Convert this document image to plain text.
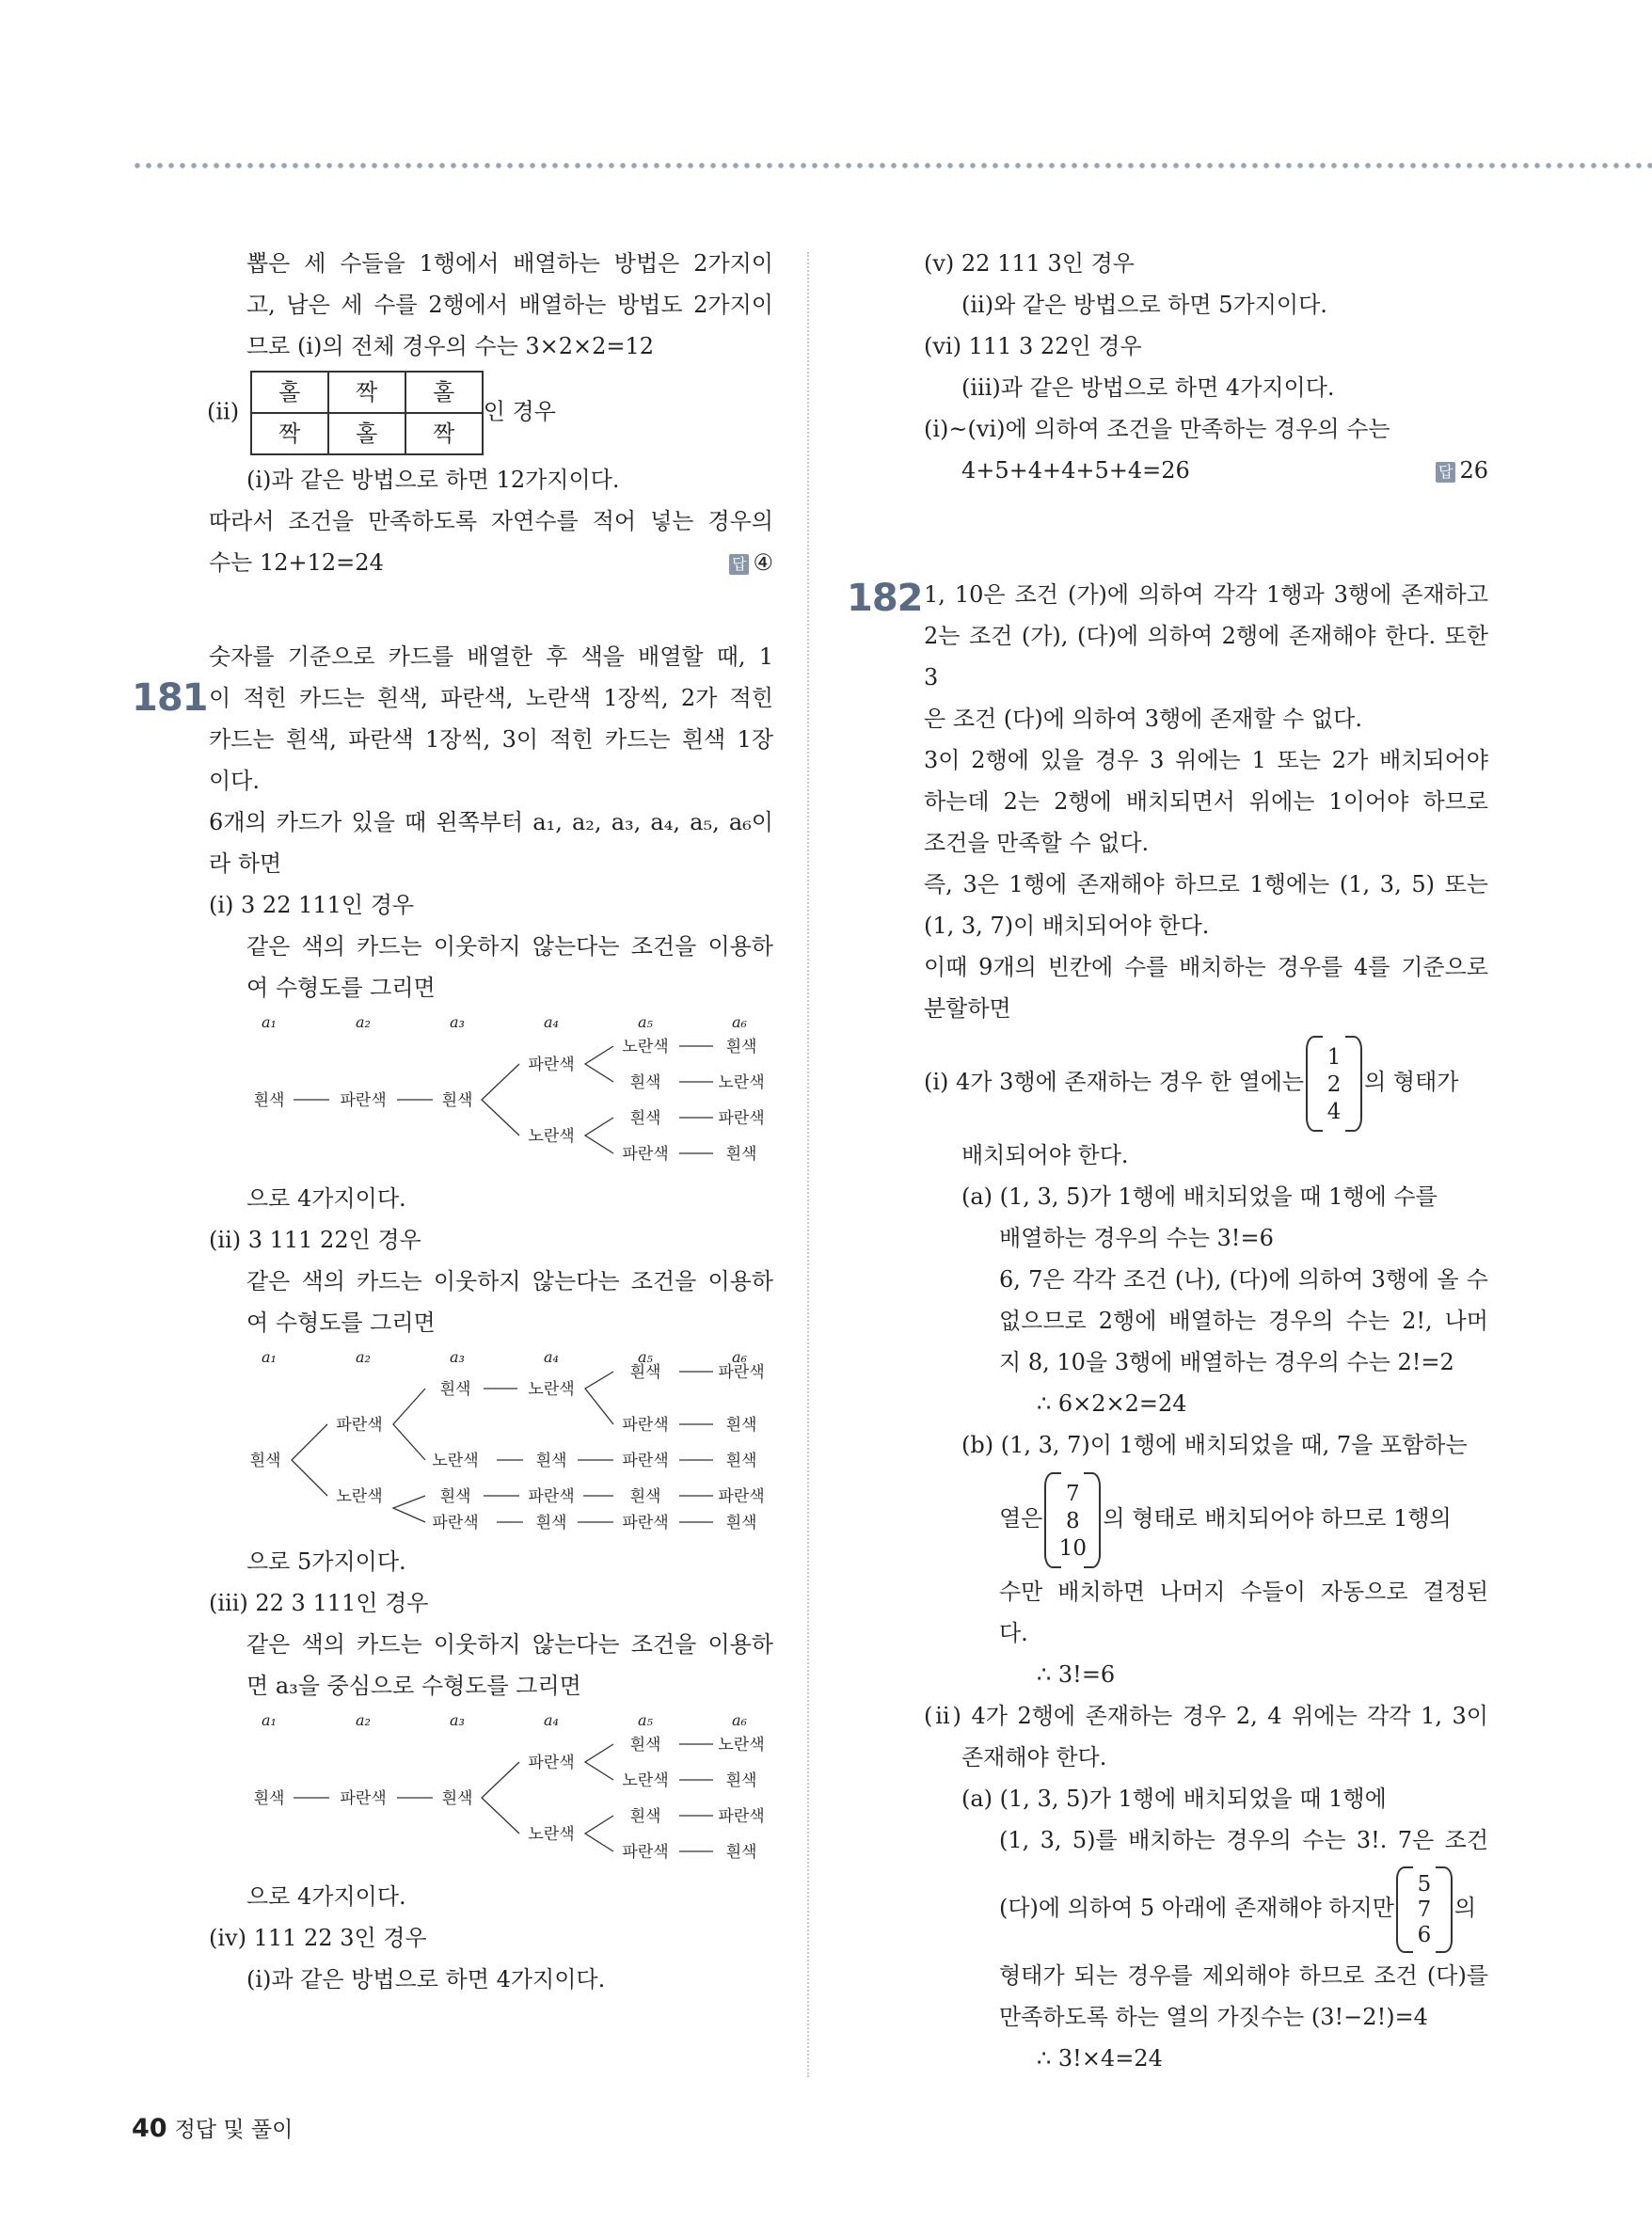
뽑은 세 수들을 1행에서 배열하는 방법은 2가지이

고, 남은 세 수를 2행에서 배열하는 방법도 2가지이

므로 (ⅰ)의 전체 경우의 수는 3×2×2=12

(ⅱ) 홀	짝	홀
짝	홀	짝인 경우

(ⅰ)과 같은 방법으로 하면 12가지이다.

따라서 조건을 만족하도록 자연수를 적어 넣는 경우의

수는 12+12=24	답 ④

숫자를 기준으로 카드를 배열한 후 색을 배열할 때, 1

이 적힌 카드는 흰색, 파란색, 노란색 1장씩, 2가 적힌

카드는 흰색, 파란색 1장씩, 3이 적힌 카드는 흰색 1장

이다.

6개의 카드가 있을 때 왼쪽부터 a₁, a₂, a₃, a₄, a₅, a₆이

라 하면

(ⅰ) 3 22 111인 경우

같은 색의 카드는 이웃하지 않는다는 조건을 이용하

여 수형도를 그리면

a₁	a₂	a₃	a₄	a₅	a₆
흰색	파란색	흰색
파란색
노란색
노란색
흰색
흰색
파란색
흰색
노란색
파란색
흰색

으로 4가지이다.

(ⅱ) 3 111 22인 경우

같은 색의 카드는 이웃하지 않는다는 조건을 이용하

여 수형도를 그리면

a₁	a₂	a₃	a₄	a₅	a₆
흰색
파란색
노란색
흰색
노란색
흰색
파란색
노란색
흰색
파란색
흰색
흰색
파란색
파란색
흰색
파란색
파란색
흰색
흰색
파란색
흰색

으로 5가지이다.

(ⅲ) 22 3 111인 경우

같은 색의 카드는 이웃하지 않는다는 조건을 이용하

면 a₃을 중심으로 수형도를 그리면

a₁	a₂	a₃	a₄	a₅	a₆
흰색	파란색	흰색
파란색
노란색
흰색
노란색
흰색
파란색
노란색
흰색
파란색
흰색

으로 4가지이다.

(ⅳ) 111 22 3인 경우

(ⅰ)과 같은 방법으로 하면 4가지이다.

181

(ⅴ) 22 111 3인 경우

(ⅱ)와 같은 방법으로 하면 5가지이다.

(ⅵ) 111 3 22인 경우

(ⅲ)과 같은 방법으로 하면 4가지이다.

(ⅰ)~(ⅵ)에 의하여 조건을 만족하는 경우의 수는

4+5+4+4+5+4=26	답 26

1, 10은 조건 (가)에 의하여 각각 1행과 3행에 존재하고

2는 조건 (가), (다)에 의하여 2행에 존재해야 한다. 또한 3

은 조건 (다)에 의하여 3행에 존재할 수 없다.

3이 2행에 있을 경우 3 위에는 1 또는 2가 배치되어야

하는데 2는 2행에 배치되면서 위에는 1이어야 하므로

조건을 만족할 수 없다.

즉, 3은 1행에 존재해야 하므로 1행에는 (1, 3, 5) 또는

(1, 3, 7)이 배치되어야 한다.

이때 9개의 빈칸에 수를 배치하는 경우를 4를 기준으로

분할하면

(ⅰ) 4가 3행에 존재하는 경우 한 열에는
1
2
4
의 형태가

배치되어야 한다.

(a) (1, 3, 5)가 1행에 배치되었을 때 1행에 수를

배열하는 경우의 수는 3!=6

6, 7은 각각 조건 (나), (다)에 의하여 3행에 올 수

없으므로 2행에 배열하는 경우의 수는 2!, 나머

지 8, 10을 3행에 배열하는 경우의 수는 2!=2

∴ 6×2×2=24

(b) (1, 3, 7)이 1행에 배치되었을 때, 7을 포함하는

열은
7
8
10
의 형태로 배치되어야 하므로 1행의

수만 배치하면 나머지 수들이 자동으로 결정된

다.

∴ 3!=6

(ⅱ) 4가 2행에 존재하는 경우 2, 4 위에는 각각 1, 3이

존재해야 한다.

(a) (1, 3, 5)가 1행에 배치되었을 때 1행에

(1, 3, 5)를 배치하는 경우의 수는 3!. 7은 조건

(다)에 의하여 5 아래에 존재해야 하지만
5
7
6
의

형태가 되는 경우를 제외해야 하므로 조건 (다)를

만족하도록 하는 열의 가짓수는 (3!−2!)=4

∴ 3!×4=24

182
40 정답 및 풀이
